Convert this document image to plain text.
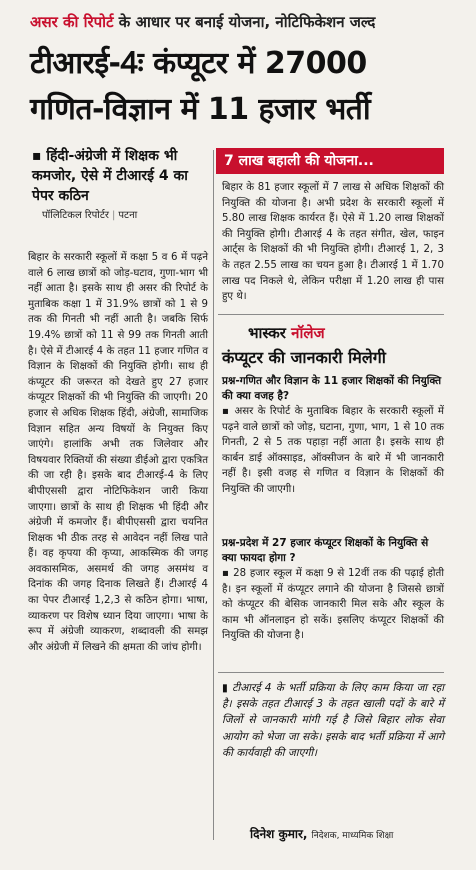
असर की रिपोर्ट के आधार पर बनाई योजना, नोटिफिकेशन जल्द
टीआरई-4ः कंप्यूटर में 27000
गणित-विज्ञान में 11 हजार भर्ती
▪ हिंदी-अंग्रेजी में शिक्षक भी कमजोर, ऐसे में टीआरई 4 का पेपर कठिन
पॉलिटिकल रिपोर्टर | पटना

बिहार के सरकारी स्कूलों में कक्षा 5 व 6 में पढ़ने वाले 6 लाख छात्रों को जोड़-घटाव, गुणा-भाग भी नहीं आता है। इसके साथ ही असर की रिपोर्ट के मुताबिक कक्षा 1 में 31.9% छात्रों को 1 से 9 तक की गिनती भी नहीं आती है। जबकि सिर्फ 19.4% छात्रों को 11 से 99 तक गिनती आती है। ऐसे में टीआरई 4 के तहत 11 हजार गणित व विज्ञान के शिक्षकों की नियुक्ति होगी। साथ ही कंप्यूटर की जरूरत को देखते हुए 27 हजार कंप्यूटर शिक्षकों की भी नियुक्ति की जाएगी। 20 हजार से अधिक शिक्षक हिंदी, अंग्रेजी, सामाजिक विज्ञान सहित अन्य विषयों के नियुक्त किए जाएंगे। हालांकि अभी तक जिलेवार और विषयवार रिक्तियों की संख्या डीईओ द्वारा एकत्रित की जा रही है। इसके बाद टीआरई-4 के लिए बीपीएससी द्वारा नोटिफिकेशन जारी किया जाएगा। छात्रों के साथ ही शिक्षक भी हिंदी और अंग्रेजी में कमजोर हैं। बीपीएससी द्वारा चयनित शिक्षक भी ठीक तरह से आवेदन नहीं लिख पाते हैं। वह कृपया की कृप्या, आकस्मिक की जगह अवकासमिक, असमर्थ की जगह असमंथ व दिनांक की जगह दिनाक लिखते हैं। टीआरई 4 का पेपर टीआरई 1,2,3 से कठिन होगा। भाषा, व्याकरण पर विशेष ध्यान दिया जाएगा। भाषा के रूप में अंग्रेजी व्याकरण, शब्दावली की समझ और अंग्रेजी में लिखने की क्षमता की जांच होगी।

7 लाख बहाली की योजना...
बिहार के 81 हजार स्कूलों में 7 लाख से अधिक शिक्षकों की नियुक्ति की योजना है। अभी प्रदेश के सरकारी स्कूलों में 5.80 लाख शिक्षक कार्यरत हैं। ऐसे में 1.20 लाख शिक्षकों की नियुक्ति होगी। टीआरई 4 के तहत संगीत, खेल, फाइन आर्ट्स के शिक्षकों की भी नियुक्ति होगी। टीआरई 1, 2, 3 के तहत 2.55 लाख का चयन हुआ है। टीआरई 1 में 1.70 लाख पद निकले थे, लेकिन परीक्षा में 1.20 लाख ही पास हुए थे।
भास्कर नॉलेज
कंप्यूटर की जानकारी मिलेगी
प्रश्न-गणित और विज्ञान के 11 हजार शिक्षकों की नियुक्ति की क्या वजह है?
▪ असर के रिपोर्ट के मुताबिक बिहार के सरकारी स्कूलों में पढ़ने वाले छात्रों को जोड़, घटाना, गुणा, भाग, 1 से 10 तक गिनती, 2 से 5 तक पहाड़ा नहीं आता है। इसके साथ ही कार्बन डाई ऑक्साइड, ऑक्सीजन के बारे में भी जानकारी नहीं है। इसी वजह से गणित व विज्ञान के शिक्षकों की नियुक्ति की जाएगी।
प्रश्न-प्रदेश में 27 हजार कंप्यूटर शिक्षकों के नियुक्ति से क्या फायदा होगा ?
▪ 28 हजार स्कूल में कक्षा 9 से 12वीं तक की पढ़ाई होती है। इन स्कूलों में कंप्यूटर लगाने की योजना है जिससे छात्रों को कंप्यूटर की बेसिक जानकारी मिल सके और स्कूल के काम भी ऑनलाइन हो सकें। इसलिए कंप्यूटर शिक्षकों की नियुक्ति की योजना है।
▮ टीआरई 4 के भर्ती प्रक्रिया के लिए काम किया जा रहा है। इसके तहत टीआरई 3 के तहत खाली पदों के बारे में जिलों से जानकारी मांगी गई है जिसे बिहार लोक सेवा आयोग को भेजा जा सके। इसके बाद भर्ती प्रक्रिया में आगे की कार्यवाही की जाएगी।
दिनेश कुमार, निदेशक, माध्यमिक शिक्षा
